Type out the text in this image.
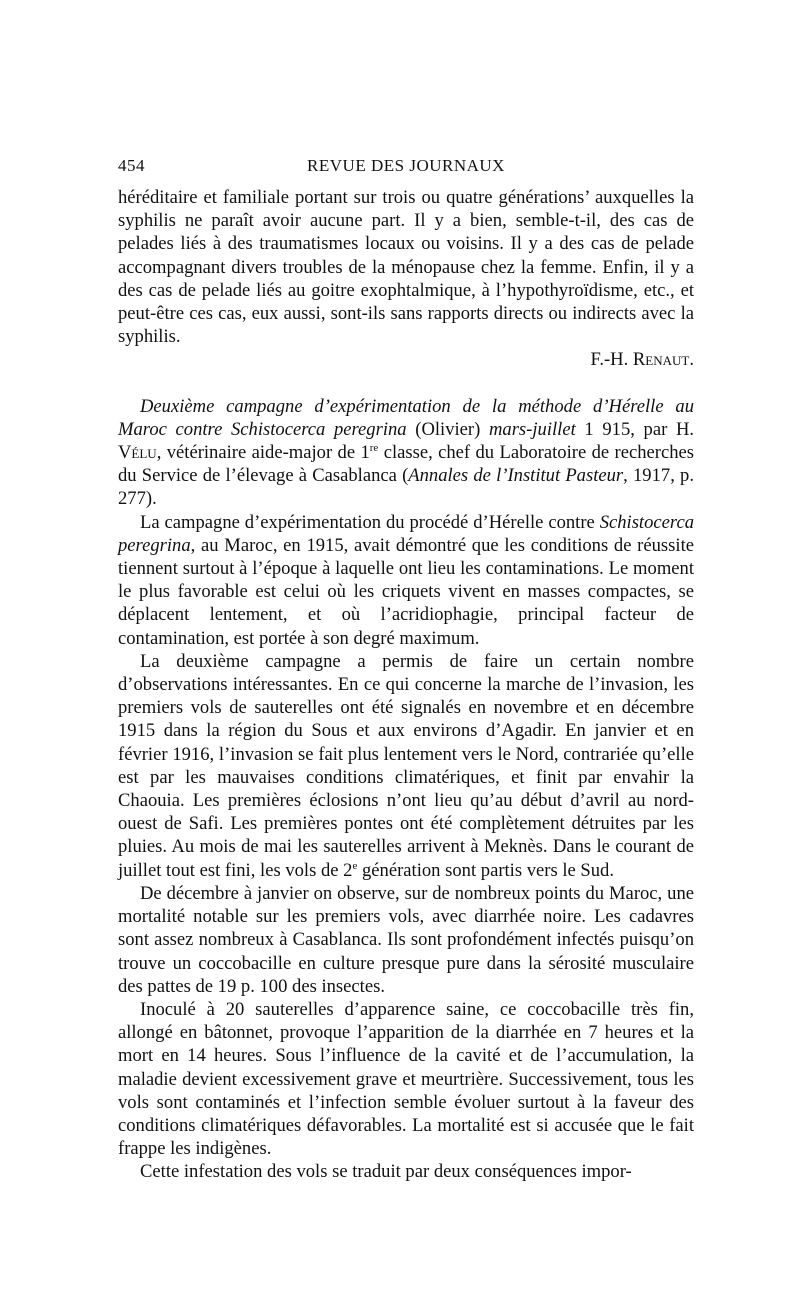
454	REVUE DES JOURNAUX

héréditaire et familiale portant sur trois ou quatre générations’ auxquelles la syphilis ne paraît avoir aucune part. Il y a bien, semble-t-il, des cas de pelades liés à des traumatismes locaux ou voisins. Il y a des cas de pelade accompagnant divers troubles de la ménopause chez la femme. Enfin, il y a des cas de pelade liés au goitre exophtalmique, à l’hypothyroïdisme, etc., et peut-être ces cas, eux aussi, sont-ils sans rapports directs ou indirects avec la syphilis.

F.-H. Renaut.

Deuxième campagne d’expérimentation de la méthode d’Hérelle au Maroc contre Schistocerca peregrina (Olivier) mars-juillet 1 915, par H. Vélu, vétérinaire aide-major de 1re classe, chef du Laboratoire de recherches du Service de l’élevage à Casablanca (Annales de l’Institut Pasteur, 1917, p. 277).

La campagne d’expérimentation du procédé d’Hérelle contre Schistocerca peregrina, au Maroc, en 1915, avait démontré que les conditions de réussite tiennent surtout à l’époque à laquelle ont lieu les contaminations. Le moment le plus favorable est celui où les criquets vivent en masses compactes, se déplacent lentement, et où l’acridiophagie, principal facteur de contamination, est portée à son degré maximum.

La deuxième campagne a permis de faire un certain nombre d’observations intéressantes. En ce qui concerne la marche de l’invasion, les premiers vols de sauterelles ont été signalés en novembre et en décembre 1915 dans la région du Sous et aux environs d’Agadir. En janvier et en février 1916, l’invasion se fait plus lentement vers le Nord, contrariée qu’elle est par les mauvaises conditions climatériques, et finit par envahir la Chaouia. Les premières éclosions n’ont lieu qu’au début d’avril au nord-ouest de Safi. Les premières pontes ont été complètement détruites par les pluies. Au mois de mai les sauterelles arrivent à Meknès. Dans le courant de juillet tout est fini, les vols de 2e génération sont partis vers le Sud.

De décembre à janvier on observe, sur de nombreux points du Maroc, une mortalité notable sur les premiers vols, avec diarrhée noire. Les cadavres sont assez nombreux à Casablanca. Ils sont profondément infectés puisqu’on trouve un coccobacille en culture presque pure dans la sérosité musculaire des pattes de 19 p. 100 des insectes.

Inoculé à 20 sauterelles d’apparence saine, ce coccobacille très fin, allongé en bâtonnet, provoque l’apparition de la diarrhée en 7 heures et la mort en 14 heures. Sous l’influence de la cavité et de l’accumulation, la maladie devient excessivement grave et meurtrière. Successivement, tous les vols sont contaminés et l’infection semble évoluer surtout à la faveur des conditions climatériques défavorables. La mortalité est si accusée que le fait frappe les indigènes.

Cette infestation des vols se traduit par deux conséquences impor-
